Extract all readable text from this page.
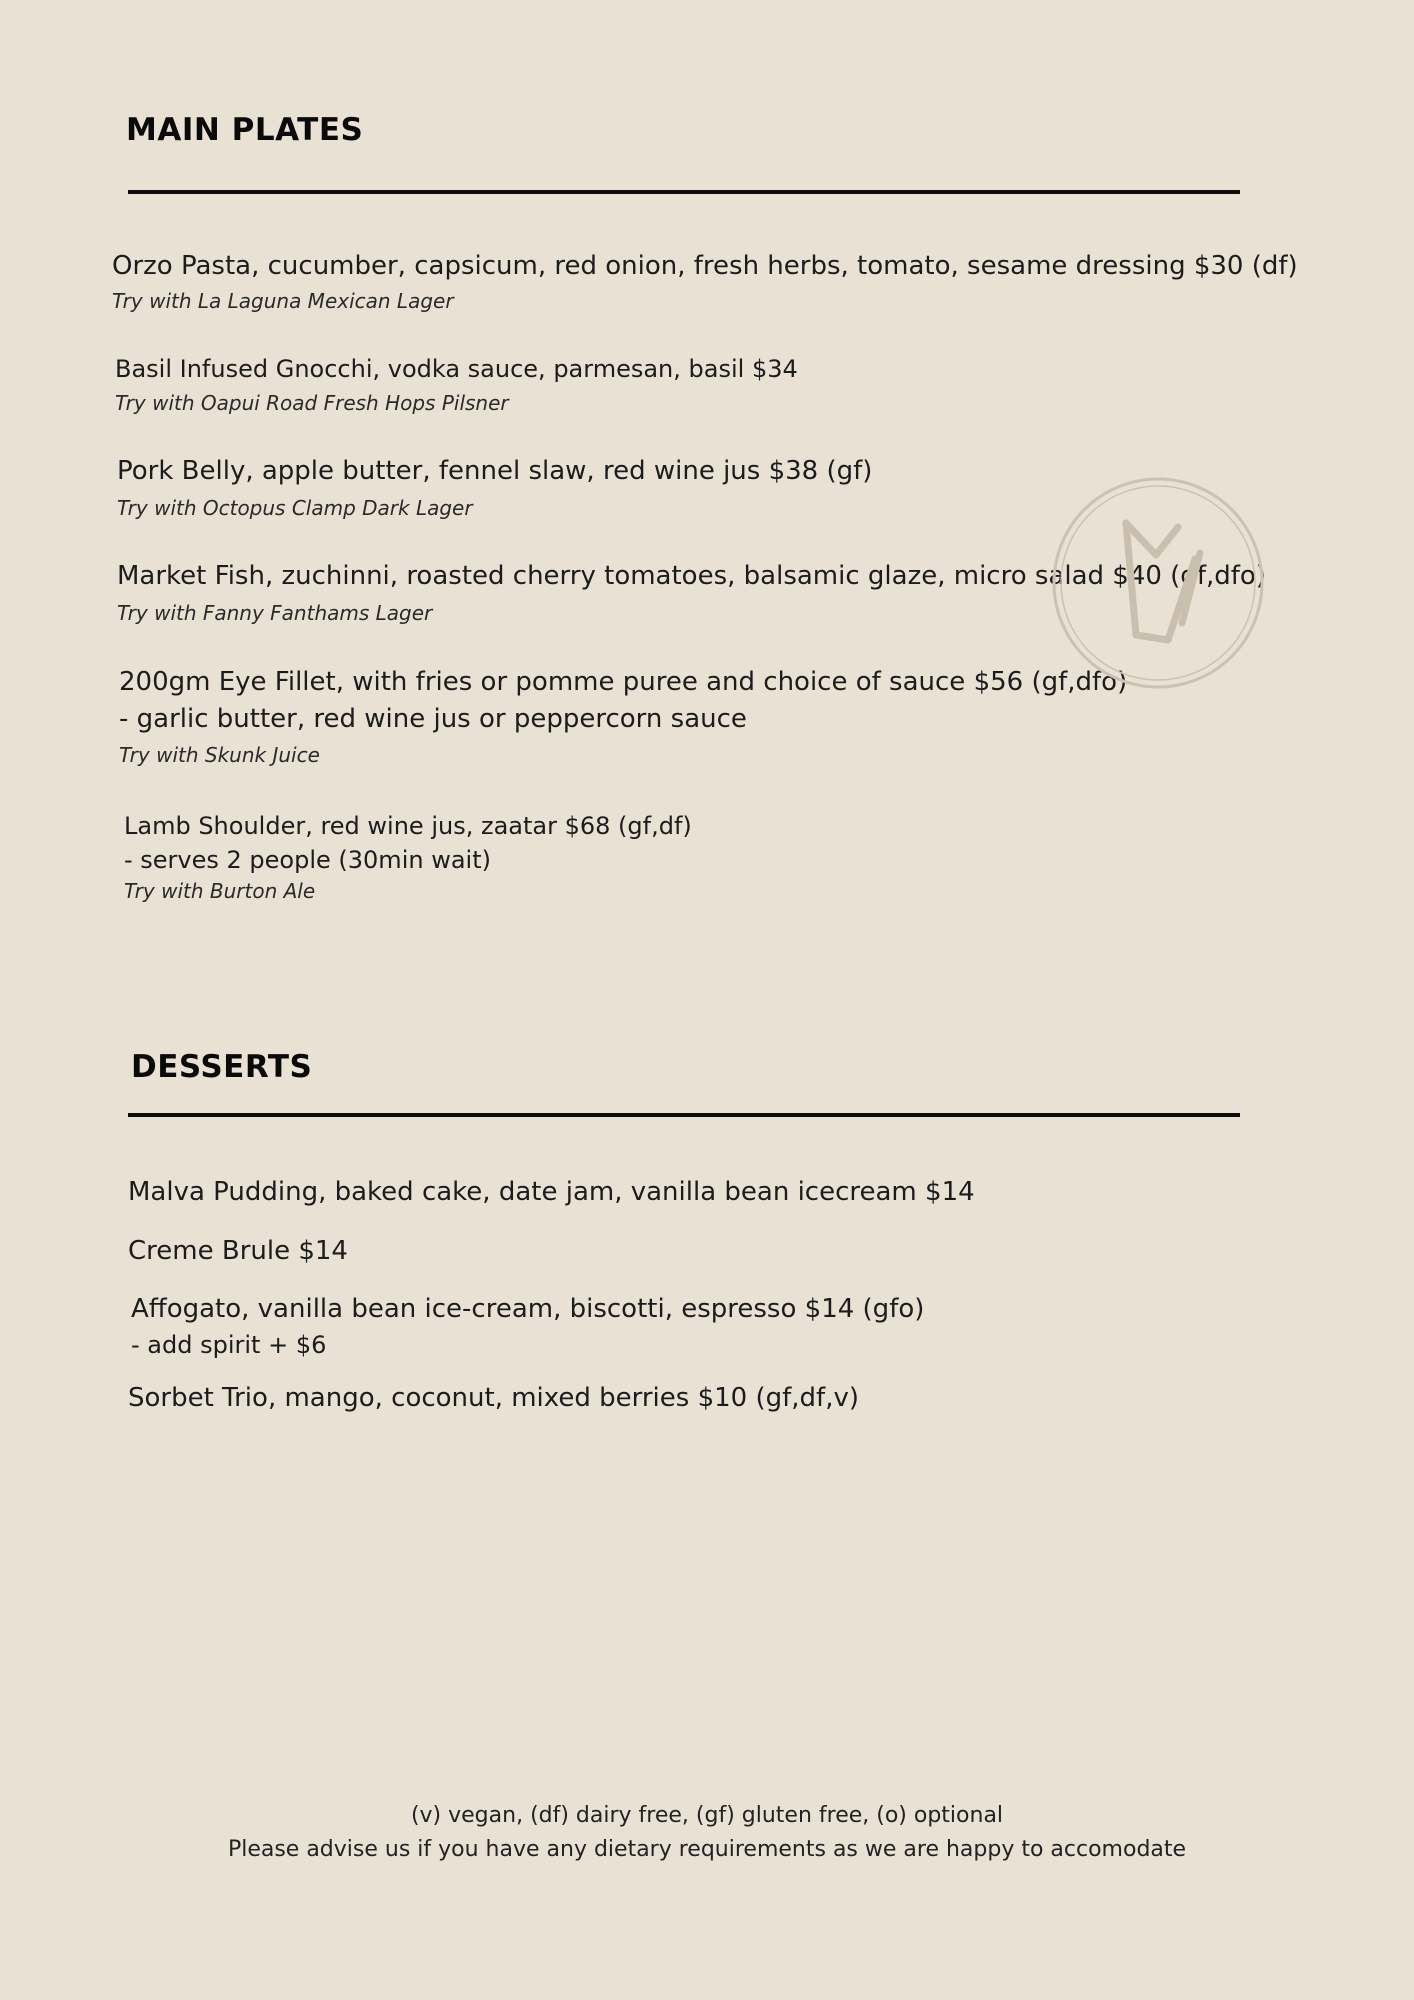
MAIN PLATES
Orzo Pasta, cucumber, capsicum, red onion, fresh herbs, tomato, sesame dressing $30 (df)
Try with La Laguna Mexican Lager
Basil Infused Gnocchi, vodka sauce, parmesan, basil $34
Try with Oapui Road Fresh Hops Pilsner
Pork Belly, apple butter, fennel slaw, red wine jus $38 (gf)
Try with Octopus Clamp Dark Lager
Market Fish, zuchinni, roasted cherry tomatoes, balsamic glaze, micro salad $40 (gf,dfo)
Try with Fanny Fanthams Lager
200gm Eye Fillet, with fries or pomme puree and choice of sauce $56 (gf,dfo)
- garlic butter, red wine jus or peppercorn sauce
Try with Skunk Juice
Lamb Shoulder, red wine jus, zaatar $68 (gf,df)
- serves 2 people (30min wait)
Try with Burton Ale
DESSERTS
Malva Pudding, baked cake, date jam, vanilla bean icecream $14
Creme Brule $14
Affogato, vanilla bean ice-cream, biscotti, espresso $14 (gfo)
- add spirit + $6
Sorbet Trio, mango, coconut, mixed berries $10 (gf,df,v)
(v) vegan, (df) dairy free, (gf) gluten free, (o) optional
Please advise us if you have any dietary requirements as we are happy to accomodate
